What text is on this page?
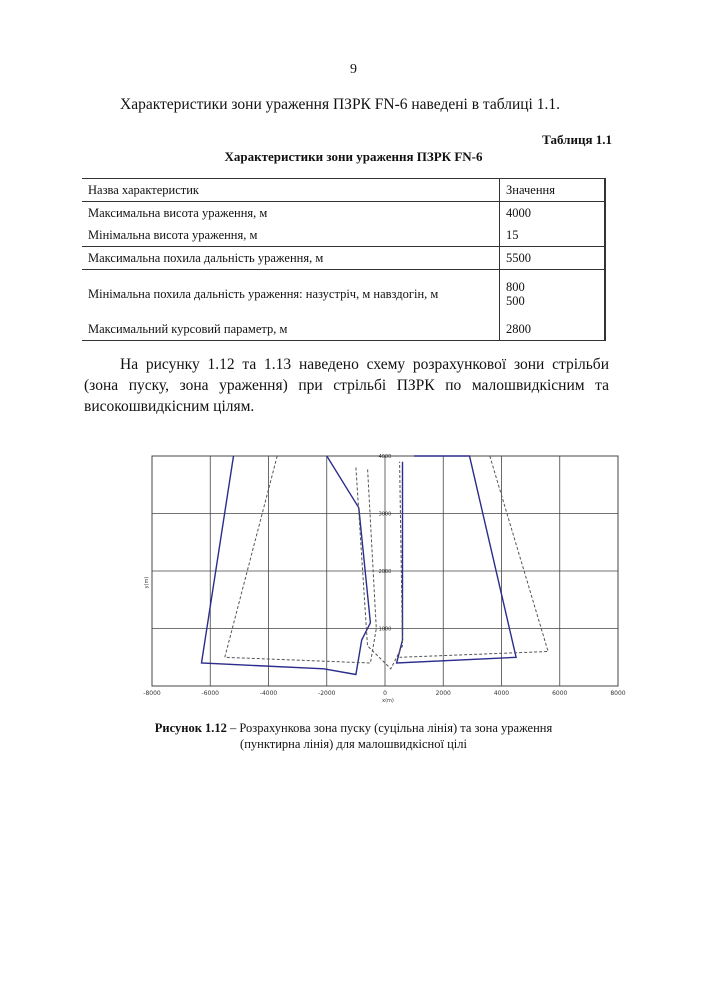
9
Характеристики зони ураження ПЗРК FN-6 наведені в таблиці 1.1.
Таблиця 1.1
Характеристики зони ураження ПЗРК FN-6
Назва характеристик	Значення
Максимальна висота ураження, м	4000
Мінімальна висота ураження, м	15
Максимальна похила дальність ураження, м	5500
Мінімальна похила дальність ураження: назустріч, м навздогін, м	800
500

Максимальний курсовий параметр, м	2800
На рисунку 1.12 та 1.13 наведено схему розрахункової зони стрільби (зона пуску, зона ураження) при стрільбі ПЗРК по малошвидкісним та високошвидкісним цілям.
-8000	-6000	-4000	-2000	0	2000	4000	6000	8000
1000
2000
3000
4000
x(m)
y(m)
Рисунок 1.12 – Розрахункова зона пуску (суцільна лінія) та зона ураження
(пунктирна лінія) для малошвидкісної цілі
